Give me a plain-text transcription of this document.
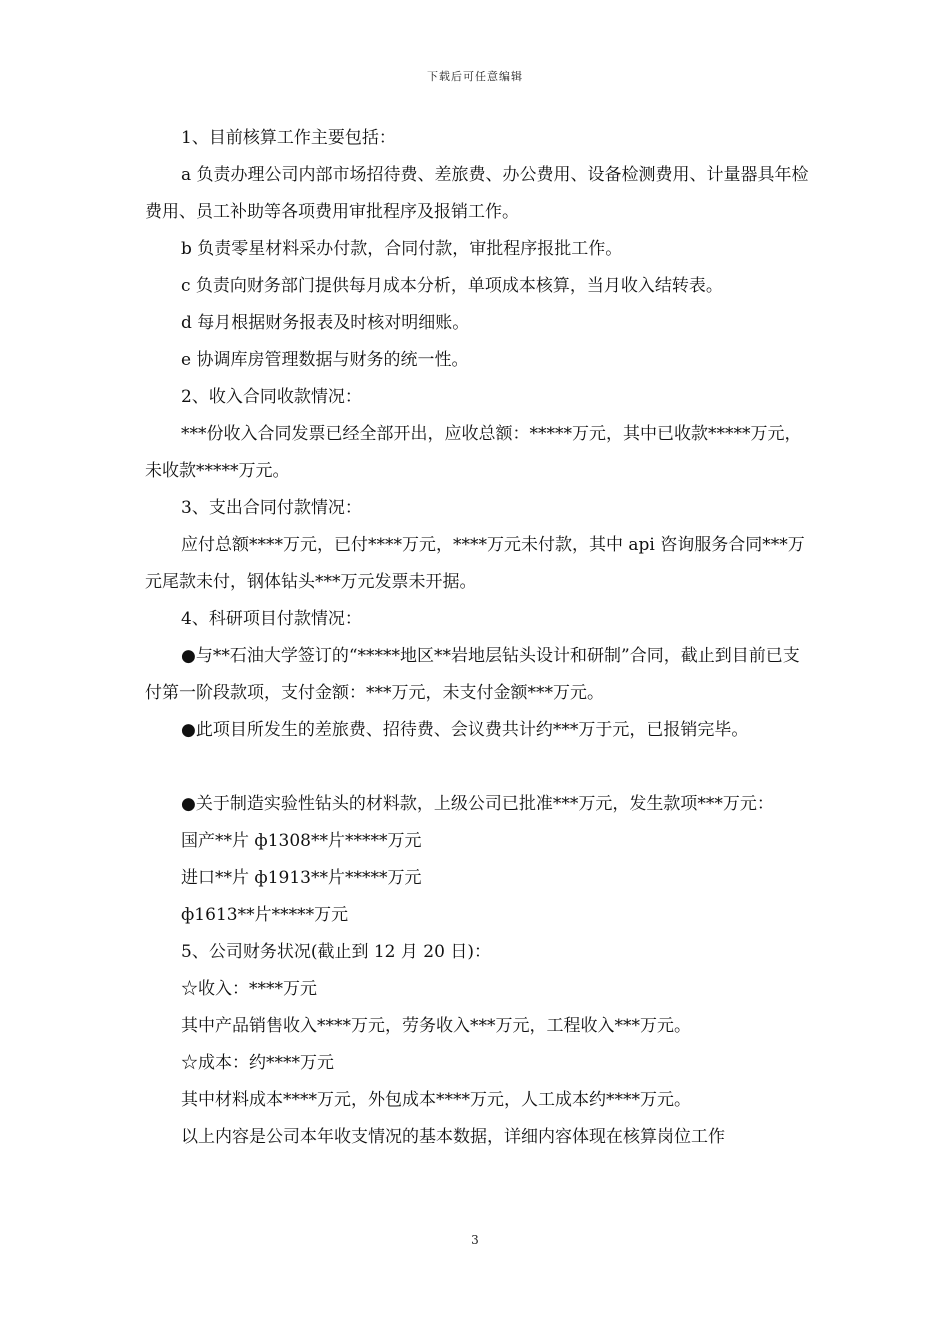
下载后可任意编辑

1、目前核算工作主要包括：

a 负责办理公司内部市场招待费、差旅费、办公费用、设备检测费用、计量器具年检费用、员工补助等各项费用审批程序及报销工作。

b 负责零星材料采办付款，合同付款，审批程序报批工作。

c 负责向财务部门提供每月成本分析，单项成本核算，当月收入结转表。

d 每月根据财务报表及时核对明细账。

e 协调库房管理数据与财务的统一性。

2、收入合同收款情况：

***份收入合同发票已经全部开出，应收总额：*****万元，其中已收款*****万元，未收款*****万元。

3、支出合同付款情况：

应付总额****万元，已付****万元，****万元未付款，其中 api 咨询服务合同***万元尾款未付，钢体钻头***万元发票未开据。

4、科研项目付款情况：

●与**石油大学签订的“*****地区**岩地层钻头设计和研制”合同，截止到目前已支付第一阶段款项，支付金额：***万元，未支付金额***万元。

●此项目所发生的差旅费、招待费、会议费共计约***万于元，已报销完毕。

●关于制造实验性钻头的材料款，上级公司已批准***万元，发生款项***万元：

国产**片 ф1308**片*****万元

进口**片 ф1913**片*****万元

ф1613**片*****万元

5、公司财务状况(截止到 12 月 20 日)：

☆收入：****万元

其中产品销售收入****万元，劳务收入***万元，工程收入***万元。

☆成本：约****万元

其中材料成本****万元，外包成本****万元，人工成本约****万元。

以上内容是公司本年收支情况的基本数据，详细内容体现在核算岗位工作

3
